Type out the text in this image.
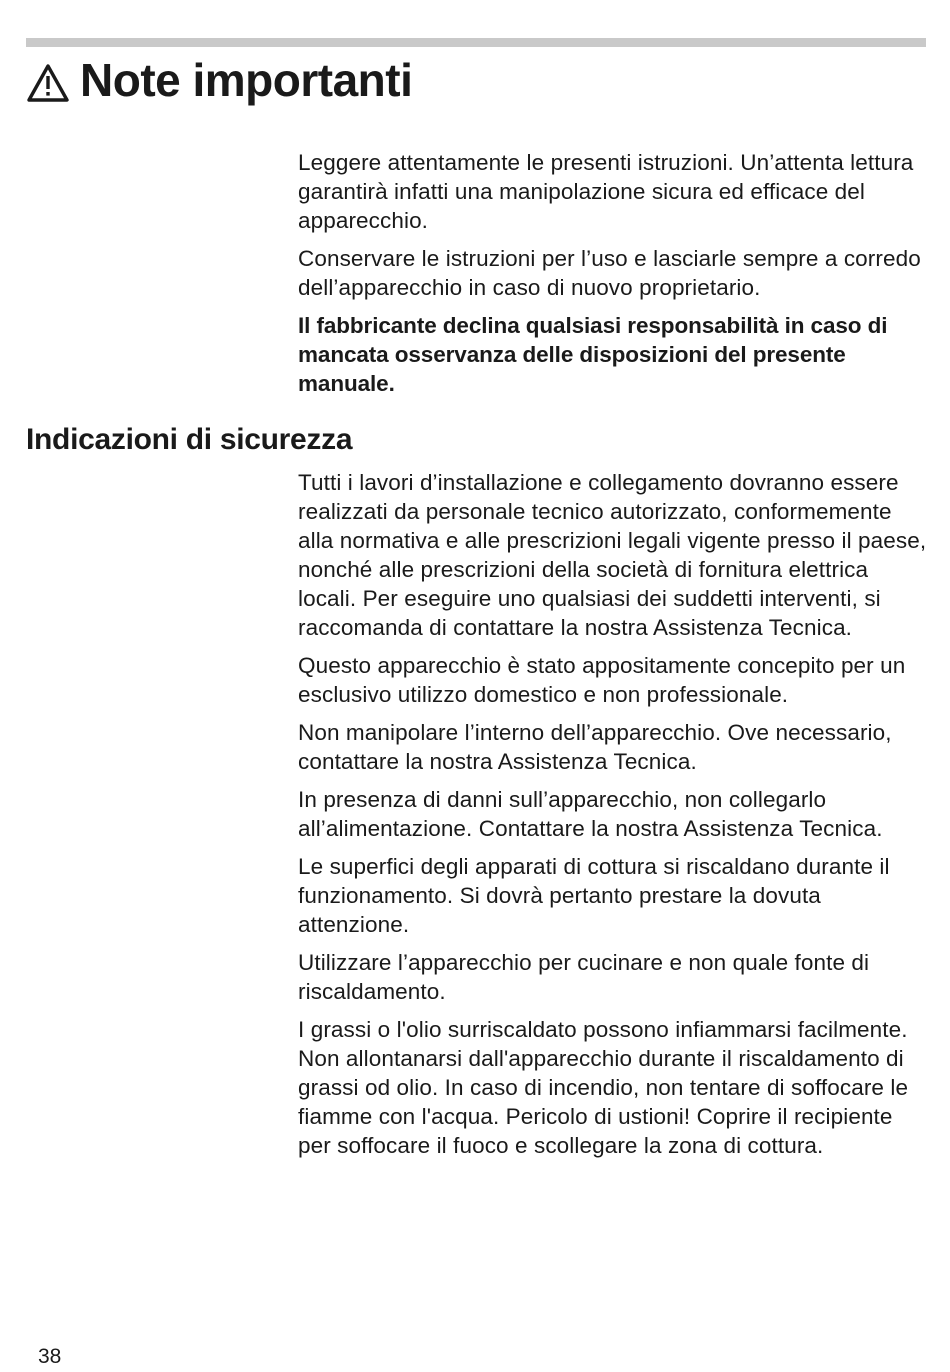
Note importanti

Leggere attentamente le presenti istruzioni. Un’attenta lettura garantirà infatti una manipolazione sicura ed efficace del apparecchio.

Conservare le istruzioni per l’uso e lasciarle sempre a corredo dell’apparecchio in caso di nuovo proprietario.

Il fabbricante declina qualsiasi responsabilità in caso di mancata osservanza delle disposizioni del presente manuale.

Indicazioni di sicurezza

Tutti i lavori d’installazione e collegamento dovranno essere realizzati da personale tecnico autorizzato, conformemente alla normativa e alle prescrizioni legali vigente presso il paese, nonché alle prescrizioni della società di fornitura elettrica locali. Per eseguire uno qualsiasi dei suddetti interventi, si raccomanda di contattare la nostra Assistenza Tecnica.

Questo apparecchio è stato appositamente concepito per un esclusivo utilizzo domestico e non professionale.

Non manipolare l’interno dell’apparecchio. Ove necessario, contattare la nostra Assistenza Tecnica.

In presenza di danni sull’apparecchio, non collegarlo all’alimentazione. Contattare la nostra Assistenza Tecnica.

Le superfici degli apparati di cottura si riscaldano durante il funzionamento. Si dovrà pertanto prestare la dovuta attenzione.

Utilizzare l’apparecchio per cucinare e non quale fonte di riscaldamento.

I grassi o l'olio surriscaldato possono infiammarsi facilmente. Non allontanarsi dall'apparecchio durante il riscaldamento di grassi od olio. In caso di incendio, non tentare di soffocare le fiamme con l'acqua. Pericolo di ustioni! Coprire il recipiente per soffocare il fuoco e scollegare la zona di cottura.

38
